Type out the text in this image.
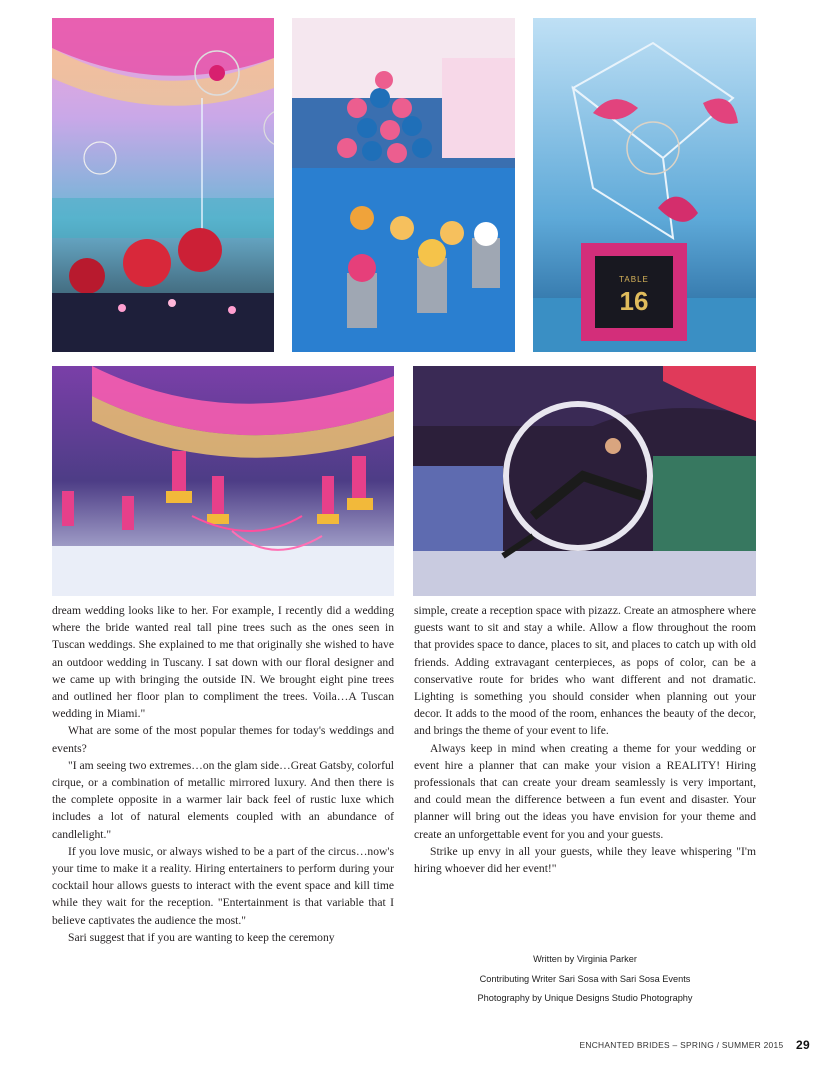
TABLE
16

dream wedding looks like to her. For example, I recently did a wedding where the bride wanted real tall pine trees such as the ones seen in Tuscan weddings. She explained to me that originally she wished to have an outdoor wedding in Tuscany. I sat down with our floral designer and we came up with bringing the outside IN. We brought eight pine trees and outlined her floor plan to compliment the trees. Voila…A Tuscan wedding in Miami."

What are some of the most popular themes for today's weddings and events?

"I am seeing two extremes…on the glam side…Great Gatsby, colorful cirque, or a combination of metallic mirrored luxury. And then there is the complete opposite in a warmer lair back feel of rustic luxe which includes a lot of natural elements coupled with an abundance of candlelight."

If you love music, or always wished to be a part of the circus…now's your time to make it a reality. Hiring entertainers to perform during your cocktail hour allows guests to interact with the event space and kill time while they wait for the reception. "Entertainment is that variable that I believe captivates the audience the most."

Sari suggest that if you are wanting to keep the ceremony

simple, create a reception space with pizazz. Create an atmosphere where guests want to sit and stay a while. Allow a flow throughout the room that provides space to dance, places to sit, and places to catch up with old friends. Adding extravagant centerpieces, as pops of color, can be a conservative route for brides who want different and not dramatic. Lighting is something you should consider when planning out your decor. It adds to the mood of the room, enhances the beauty of the decor, and brings the theme of your event to life.

Always keep in mind when creating a theme for your wedding or event hire a planner that can make your vision a REALITY! Hiring professionals that can create your dream seamlessly is very important, and could mean the difference between a fun event and disaster. Your planner will bring out the ideas you have envision for your theme and create an unforgettable event for you and your guests.

Strike up envy in all your guests, while they leave whispering "I'm hiring whoever did her event!"

Written by Virginia Parker
Contributing Writer Sari Sosa with Sari Sosa Events
Photography by Unique Designs Studio Photography
ENCHANTED BRIDES – SPRING / SUMMER 2015 29
